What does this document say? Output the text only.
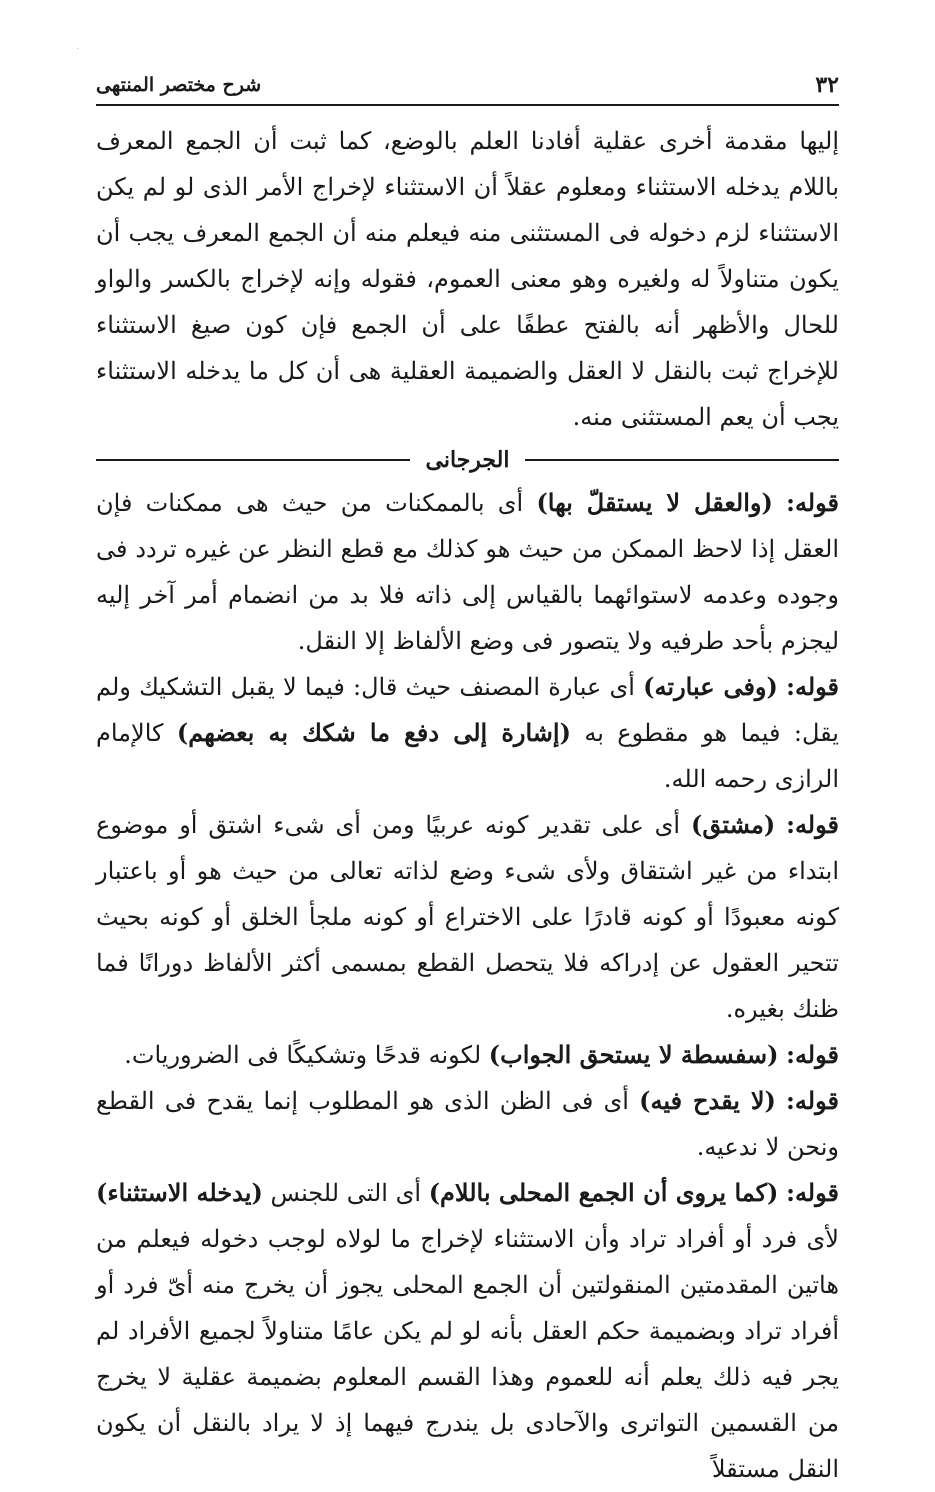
·
٣٢
شرح مختصر المنتهى

إليها مقدمة أخرى عقلية أفادنا العلم بالوضع، كما ثبت أن الجمع المعرف باللام يدخله الاستثناء ومعلوم عقلاً أن الاستثناء لإخراج الأمر الذى لو لم يكن الاستثناء لزم دخوله فى المستثنى منه فيعلم منه أن الجمع المعرف يجب أن يكون متناولاً له ولغيره وهو معنى العموم، فقوله وإنه لإخراج بالكسر والواو للحال والأظهر أنه بالفتح عطفًا على أن الجمع فإن كون صيغ الاستثناء للإخراج ثبت بالنقل لا العقل والضميمة العقلية هى أن كل ما يدخله الاستثناء يجب أن يعم المستثنى منه.

الجرجانى

قوله: (والعقل لا يستقلّ بها) أى بالممكنات من حيث هى ممكنات فإن العقل إذا لاحظ الممكن من حيث هو كذلك مع قطع النظر عن غيره تردد فى وجوده وعدمه لاستوائهما بالقياس إلى ذاته فلا بد من انضمام أمر آخر إليه ليجزم بأحد طرفيه ولا يتصور فى وضع الألفاظ إلا النقل.

قوله: (وفى عبارته) أى عبارة المصنف حيث قال: فيما لا يقبل التشكيك ولم يقل: فيما هو مقطوع به (إشارة إلى دفع ما شكك به بعضهم) كالإمام الرازى رحمه الله.

قوله: (مشتق) أى على تقدير كونه عربيًا ومن أى شىء اشتق أو موضوع ابتداء من غير اشتقاق ولأى شىء وضع لذاته تعالى من حيث هو أو باعتبار كونه معبودًا أو كونه قادرًا على الاختراع أو كونه ملجأ الخلق أو كونه بحيث تتحير العقول عن إدراكه فلا يتحصل القطع بمسمى أكثر الألفاظ دورانًا فما ظنك بغيره.

قوله: (سفسطة لا يستحق الجواب) لكونه قدحًا وتشكيكًا فى الضروريات.

قوله: (لا يقدح فيه) أى فى الظن الذى هو المطلوب إنما يقدح فى القطع ونحن لا ندعيه.

قوله: (كما يروى أن الجمع المحلى باللام) أى التى للجنس (يدخله الاستثناء) لأى فرد أو أفراد تراد وأن الاستثناء لإخراج ما لولاه لوجب دخوله فيعلم من هاتين المقدمتين المنقولتين أن الجمع المحلى يجوز أن يخرج منه أىّ فرد أو أفراد تراد وبضميمة حكم العقل بأنه لو لم يكن عامًا متناولاً لجميع الأفراد لم يجر فيه ذلك يعلم أنه للعموم وهذا القسم المعلوم بضميمة عقلية لا يخرج من القسمين التواترى والآحادى بل يندرج فيهما إذ لا يراد بالنقل أن يكون النقل مستقلاً
